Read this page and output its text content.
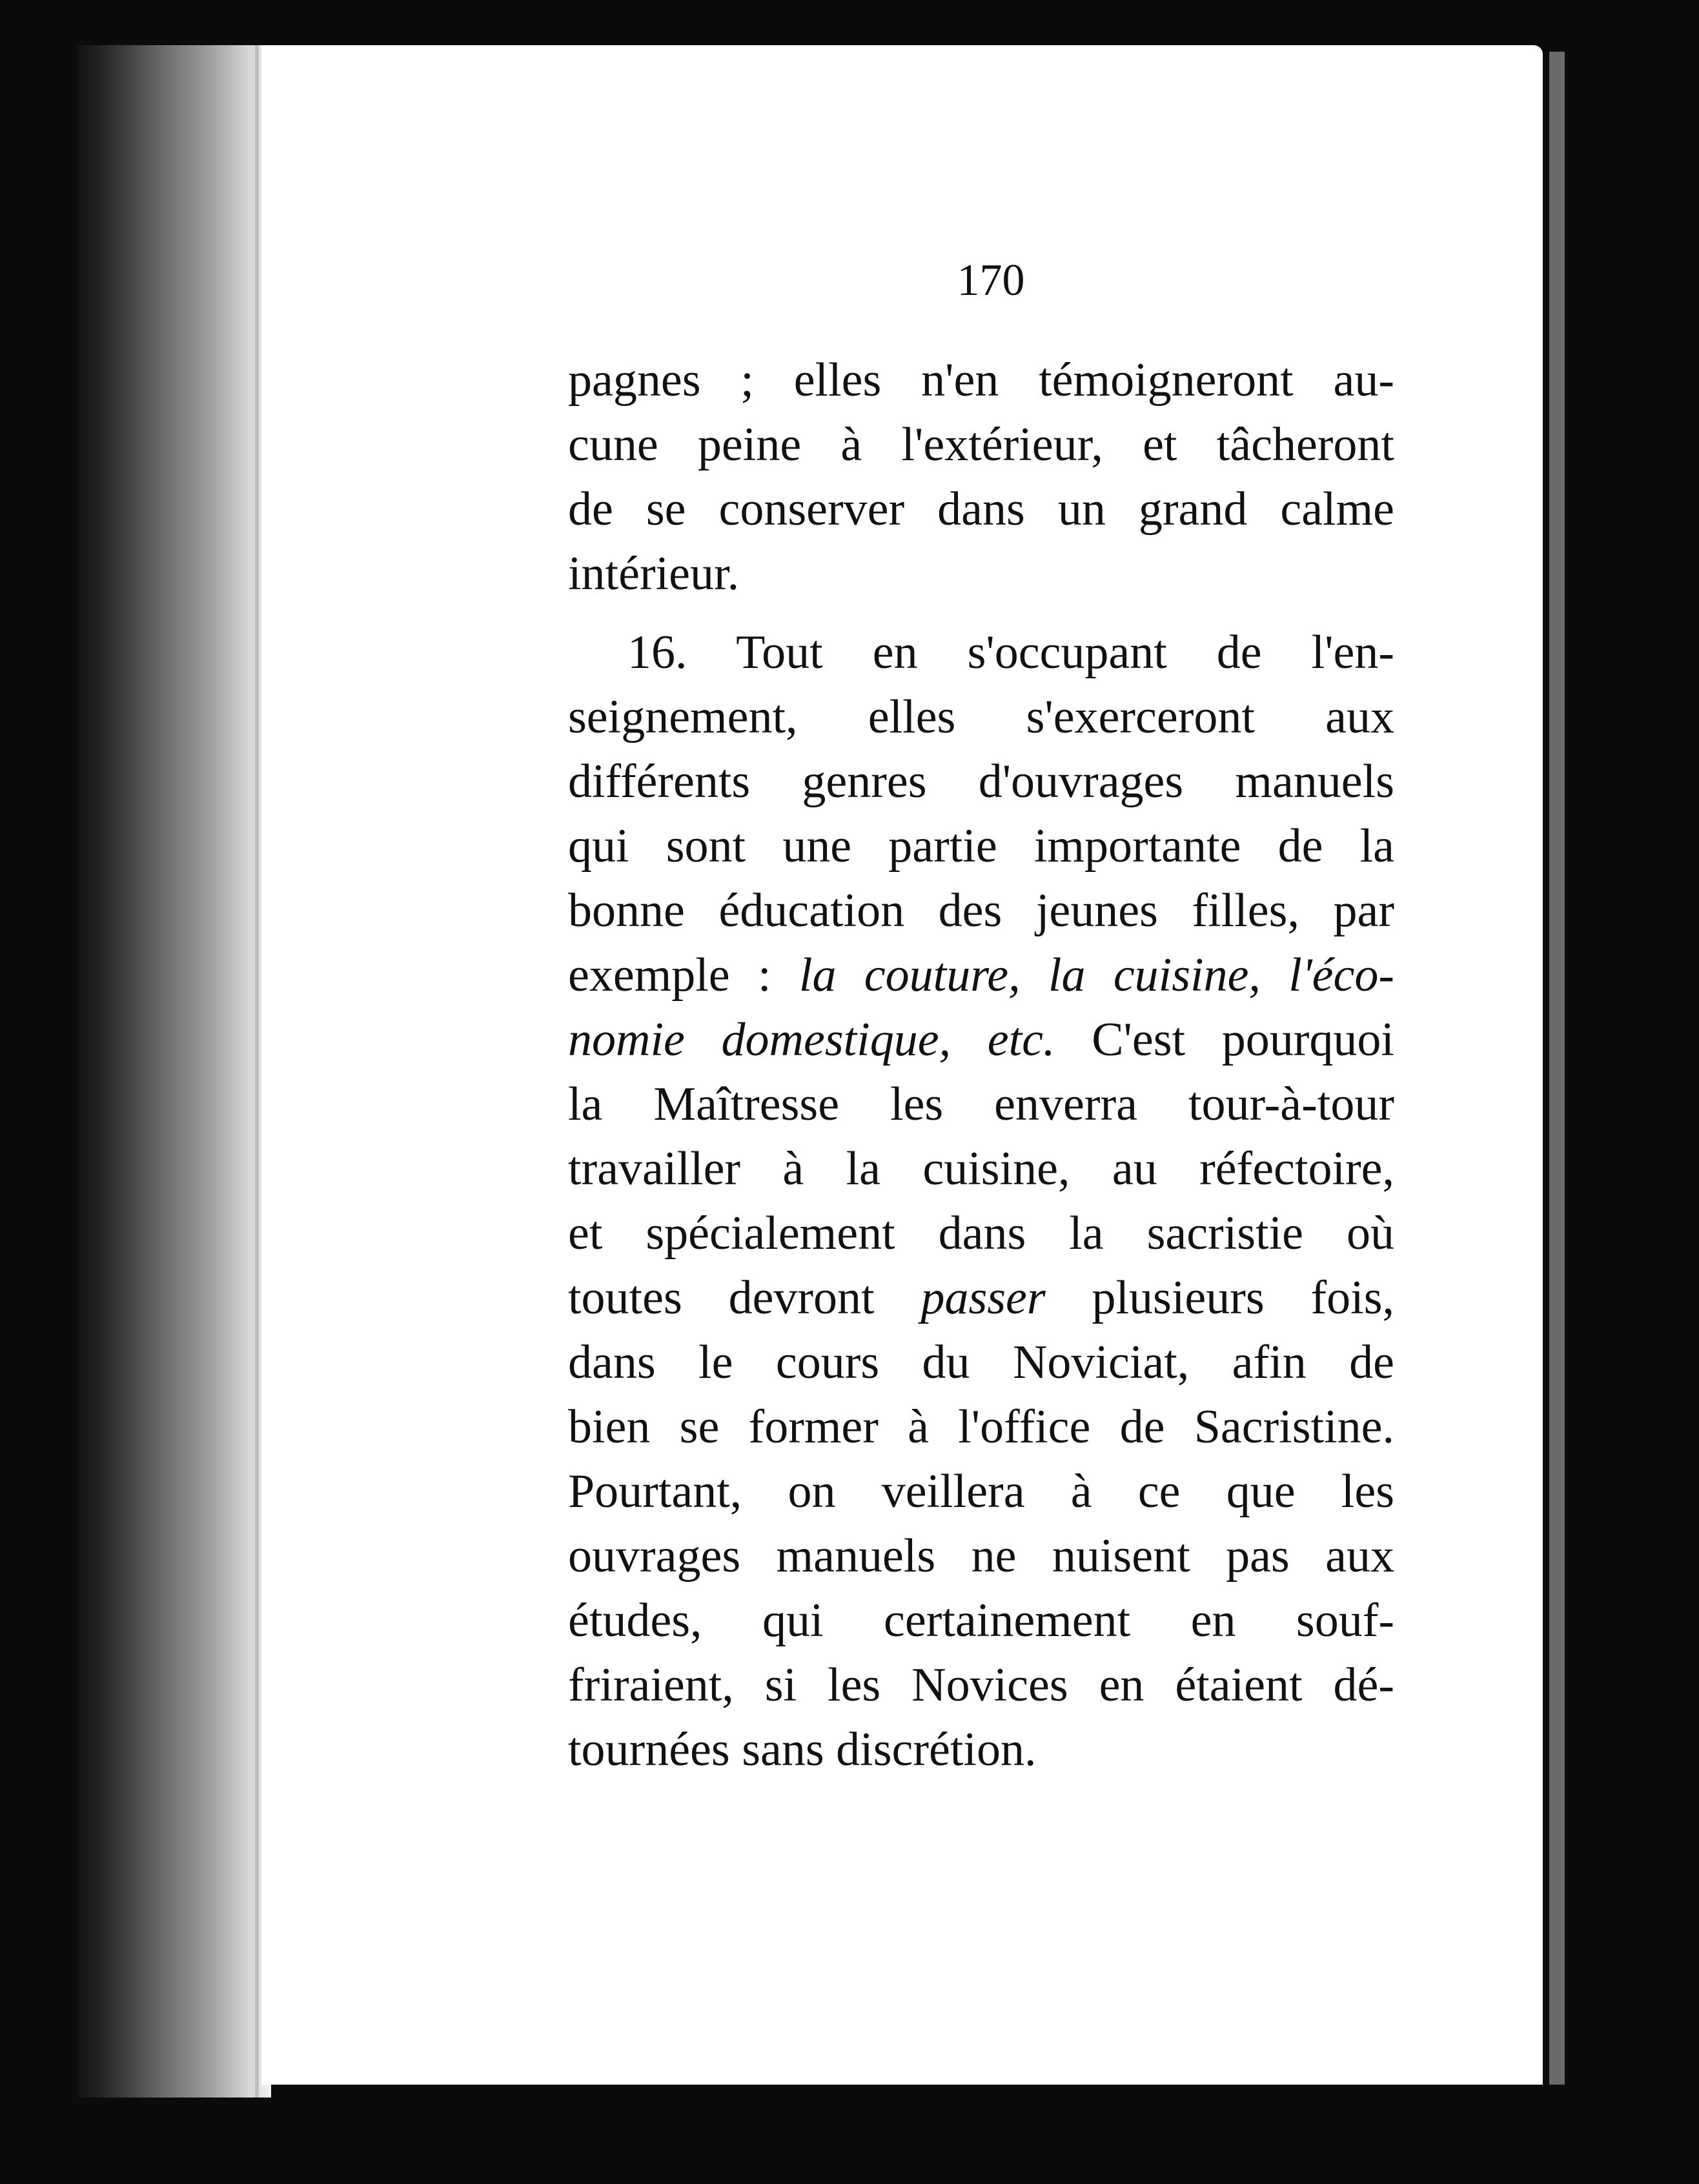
170
pagnes ; elles n'en témoigneront au-
cune peine à l'extérieur, et tâcheront
de se conserver dans un grand calme
intérieur.
16. Tout en s'occupant de l'en-
seignement, elles s'exerceront aux
différents genres d'ouvrages manuels
qui sont une partie importante de la
bonne éducation des jeunes filles, par
exemple : la couture, la cuisine, l'éco-
nomie domestique, etc. C'est pourquoi
la Maîtresse les enverra tour-à-tour
travailler à la cuisine, au réfectoire,
et spécialement dans la sacristie où
toutes devront passer plusieurs fois,
dans le cours du Noviciat, afin de
bien se former à l'office de Sacristine.
Pourtant, on veillera à ce que les
ouvrages manuels ne nuisent pas aux
études, qui certainement en souf-
friraient, si les Novices en étaient dé-
tournées sans discrétion.
